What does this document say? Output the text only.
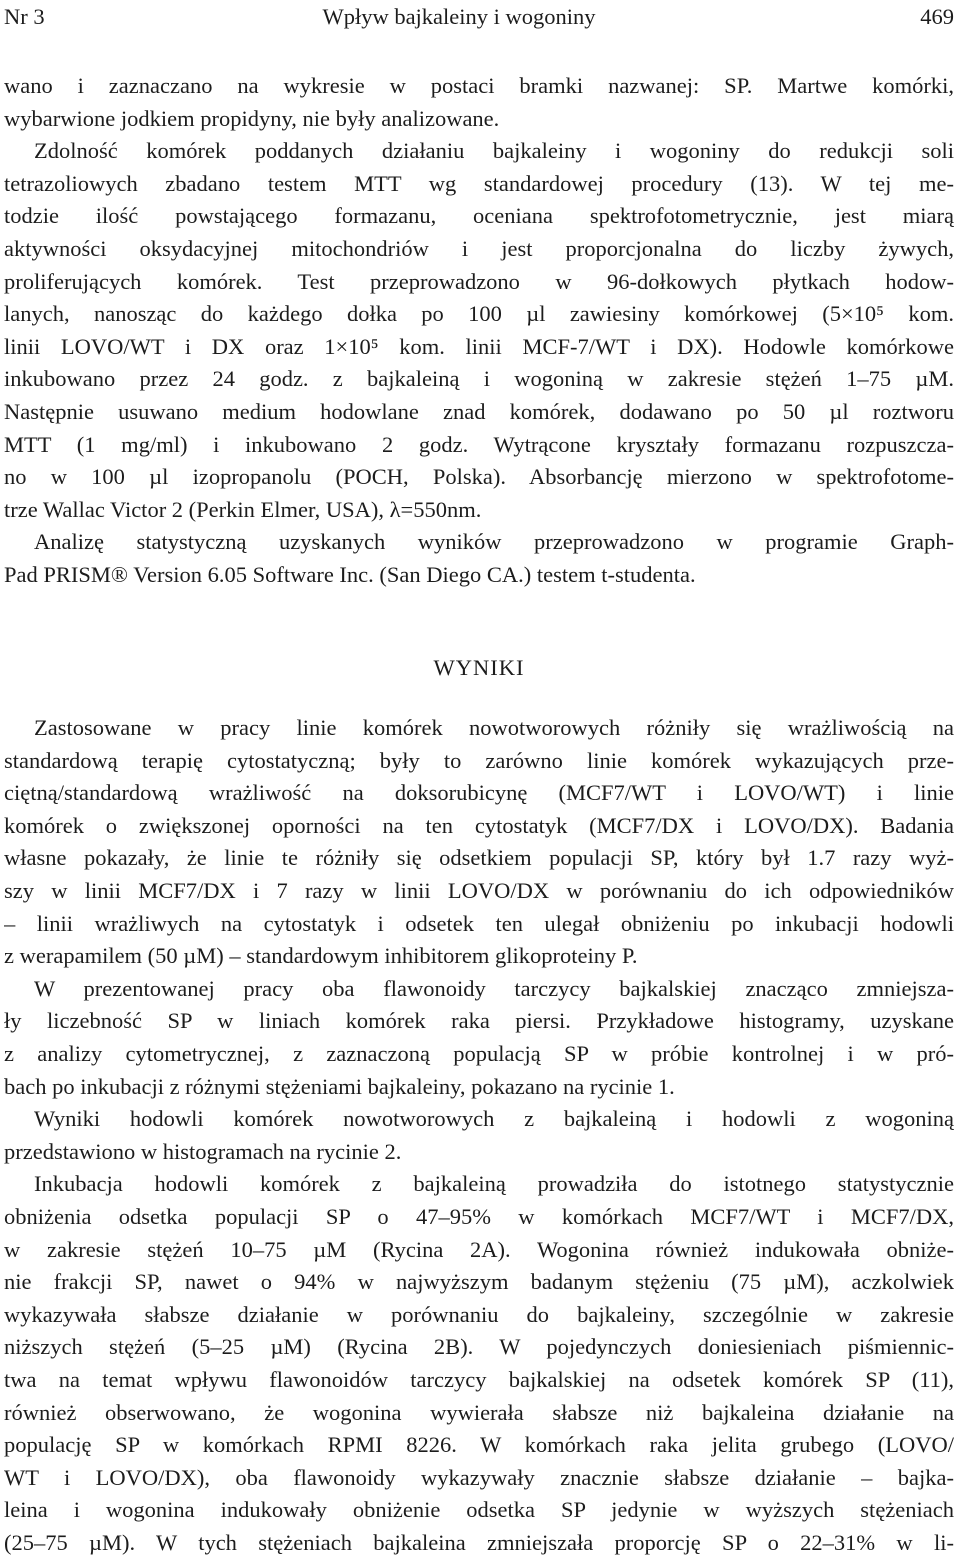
Nr 3	Wpływ bajkaleiny i wogoniny	469
wano i zaznaczano na wykresie w postaci bramki nazwanej: SP. Martwe komórki,
wybarwione jodkiem propidyny, nie były analizowane.
Zdolność komórek poddanych działaniu bajkaleiny i wogoniny do redukcji soli
tetrazoliowych zbadano testem MTT wg standardowej procedury (13). W tej me-
todzie ilość powstającego formazanu, oceniana spektrofotometrycznie, jest miarą
aktywności oksydacyjnej mitochondriów i jest proporcjonalna do liczby żywych,
proliferujących komórek. Test przeprowadzono w 96-dołkowych płytkach hodow-
lanych, nanosząc do każdego dołka po 100 µl zawiesiny komórkowej (5×10⁵ kom.
linii LOVO/WT i DX oraz 1×10⁵ kom. linii MCF-7/WT i DX). Hodowle komórkowe
inkubowano przez 24 godz. z bajkaleiną i wogoniną w zakresie stężeń 1–75 µM.
Następnie usuwano medium hodowlane znad komórek, dodawano po 50 µl roztworu
MTT (1 mg/ml) i inkubowano 2 godz. Wytrącone kryształy formazanu rozpuszcza-
no w 100 µl izopropanolu (POCH, Polska). Absorbancję mierzono w spektrofotome-
trze Wallac Victor 2 (Perkin Elmer, USA), λ=550nm.
Analizę statystyczną uzyskanych wyników przeprowadzono w programie Graph-
Pad PRISM® Version 6.05 Software Inc. (San Diego CA.) testem t-studenta.
WYNIKI
Zastosowane w pracy linie komórek nowotworowych różniły się wrażliwością na
standardową terapię cytostatyczną; były to zarówno linie komórek wykazujących prze-
ciętną/standardową wrażliwość na doksorubicynę (MCF7/WT i LOVO/WT) i linie
komórek o zwiększonej oporności na ten cytostatyk (MCF7/DX i LOVO/DX). Badania
własne pokazały, że linie te różniły się odsetkiem populacji SP, który był 1.7 razy wyż-
szy w linii MCF7/DX i 7 razy w linii LOVO/DX w porównaniu do ich odpowiedników
– linii wrażliwych na cytostatyk i odsetek ten ulegał obniżeniu po inkubacji hodowli
z werapamilem (50 µM) – standardowym inhibitorem glikoproteiny P.
W prezentowanej pracy oba flawonoidy tarczycy bajkalskiej znacząco zmniejsza-
ły liczebność SP w liniach komórek raka piersi. Przykładowe histogramy, uzyskane
z analizy cytometrycznej, z zaznaczoną populacją SP w próbie kontrolnej i w pró-
bach po inkubacji z różnymi stężeniami bajkaleiny, pokazano na rycinie 1.
Wyniki hodowli komórek nowotworowych z bajkaleiną i hodowli z wogoniną
przedstawiono w histogramach na rycinie 2.
Inkubacja hodowli komórek z bajkaleiną prowadziła do istotnego statystycznie
obniżenia odsetka populacji SP o 47–95% w komórkach MCF7/WT i MCF7/DX,
w zakresie stężeń 10–75 µM (Rycina 2A). Wogonina również indukowała obniże-
nie frakcji SP, nawet o 94% w najwyższym badanym stężeniu (75 µM), aczkolwiek
wykazywała słabsze działanie w porównaniu do bajkaleiny, szczególnie w zakresie
niższych stężeń (5–25 µM) (Rycina 2B). W pojedynczych doniesieniach piśmiennic-
twa na temat wpływu flawonoidów tarczycy bajkalskiej na odsetek komórek SP (11),
również obserwowano, że wogonina wywierała słabsze niż bajkaleina działanie na
populację SP w komórkach RPMI 8226. W komórkach raka jelita grubego (LOVO/
WT i LOVO/DX), oba flawonoidy wykazywały znacznie słabsze działanie – bajka-
leina i wogonina indukowały obniżenie odsetka SP jedynie w wyższych stężeniach
(25–75 µM). W tych stężeniach bajkaleina zmniejszała proporcję SP o 22–31% w li-
